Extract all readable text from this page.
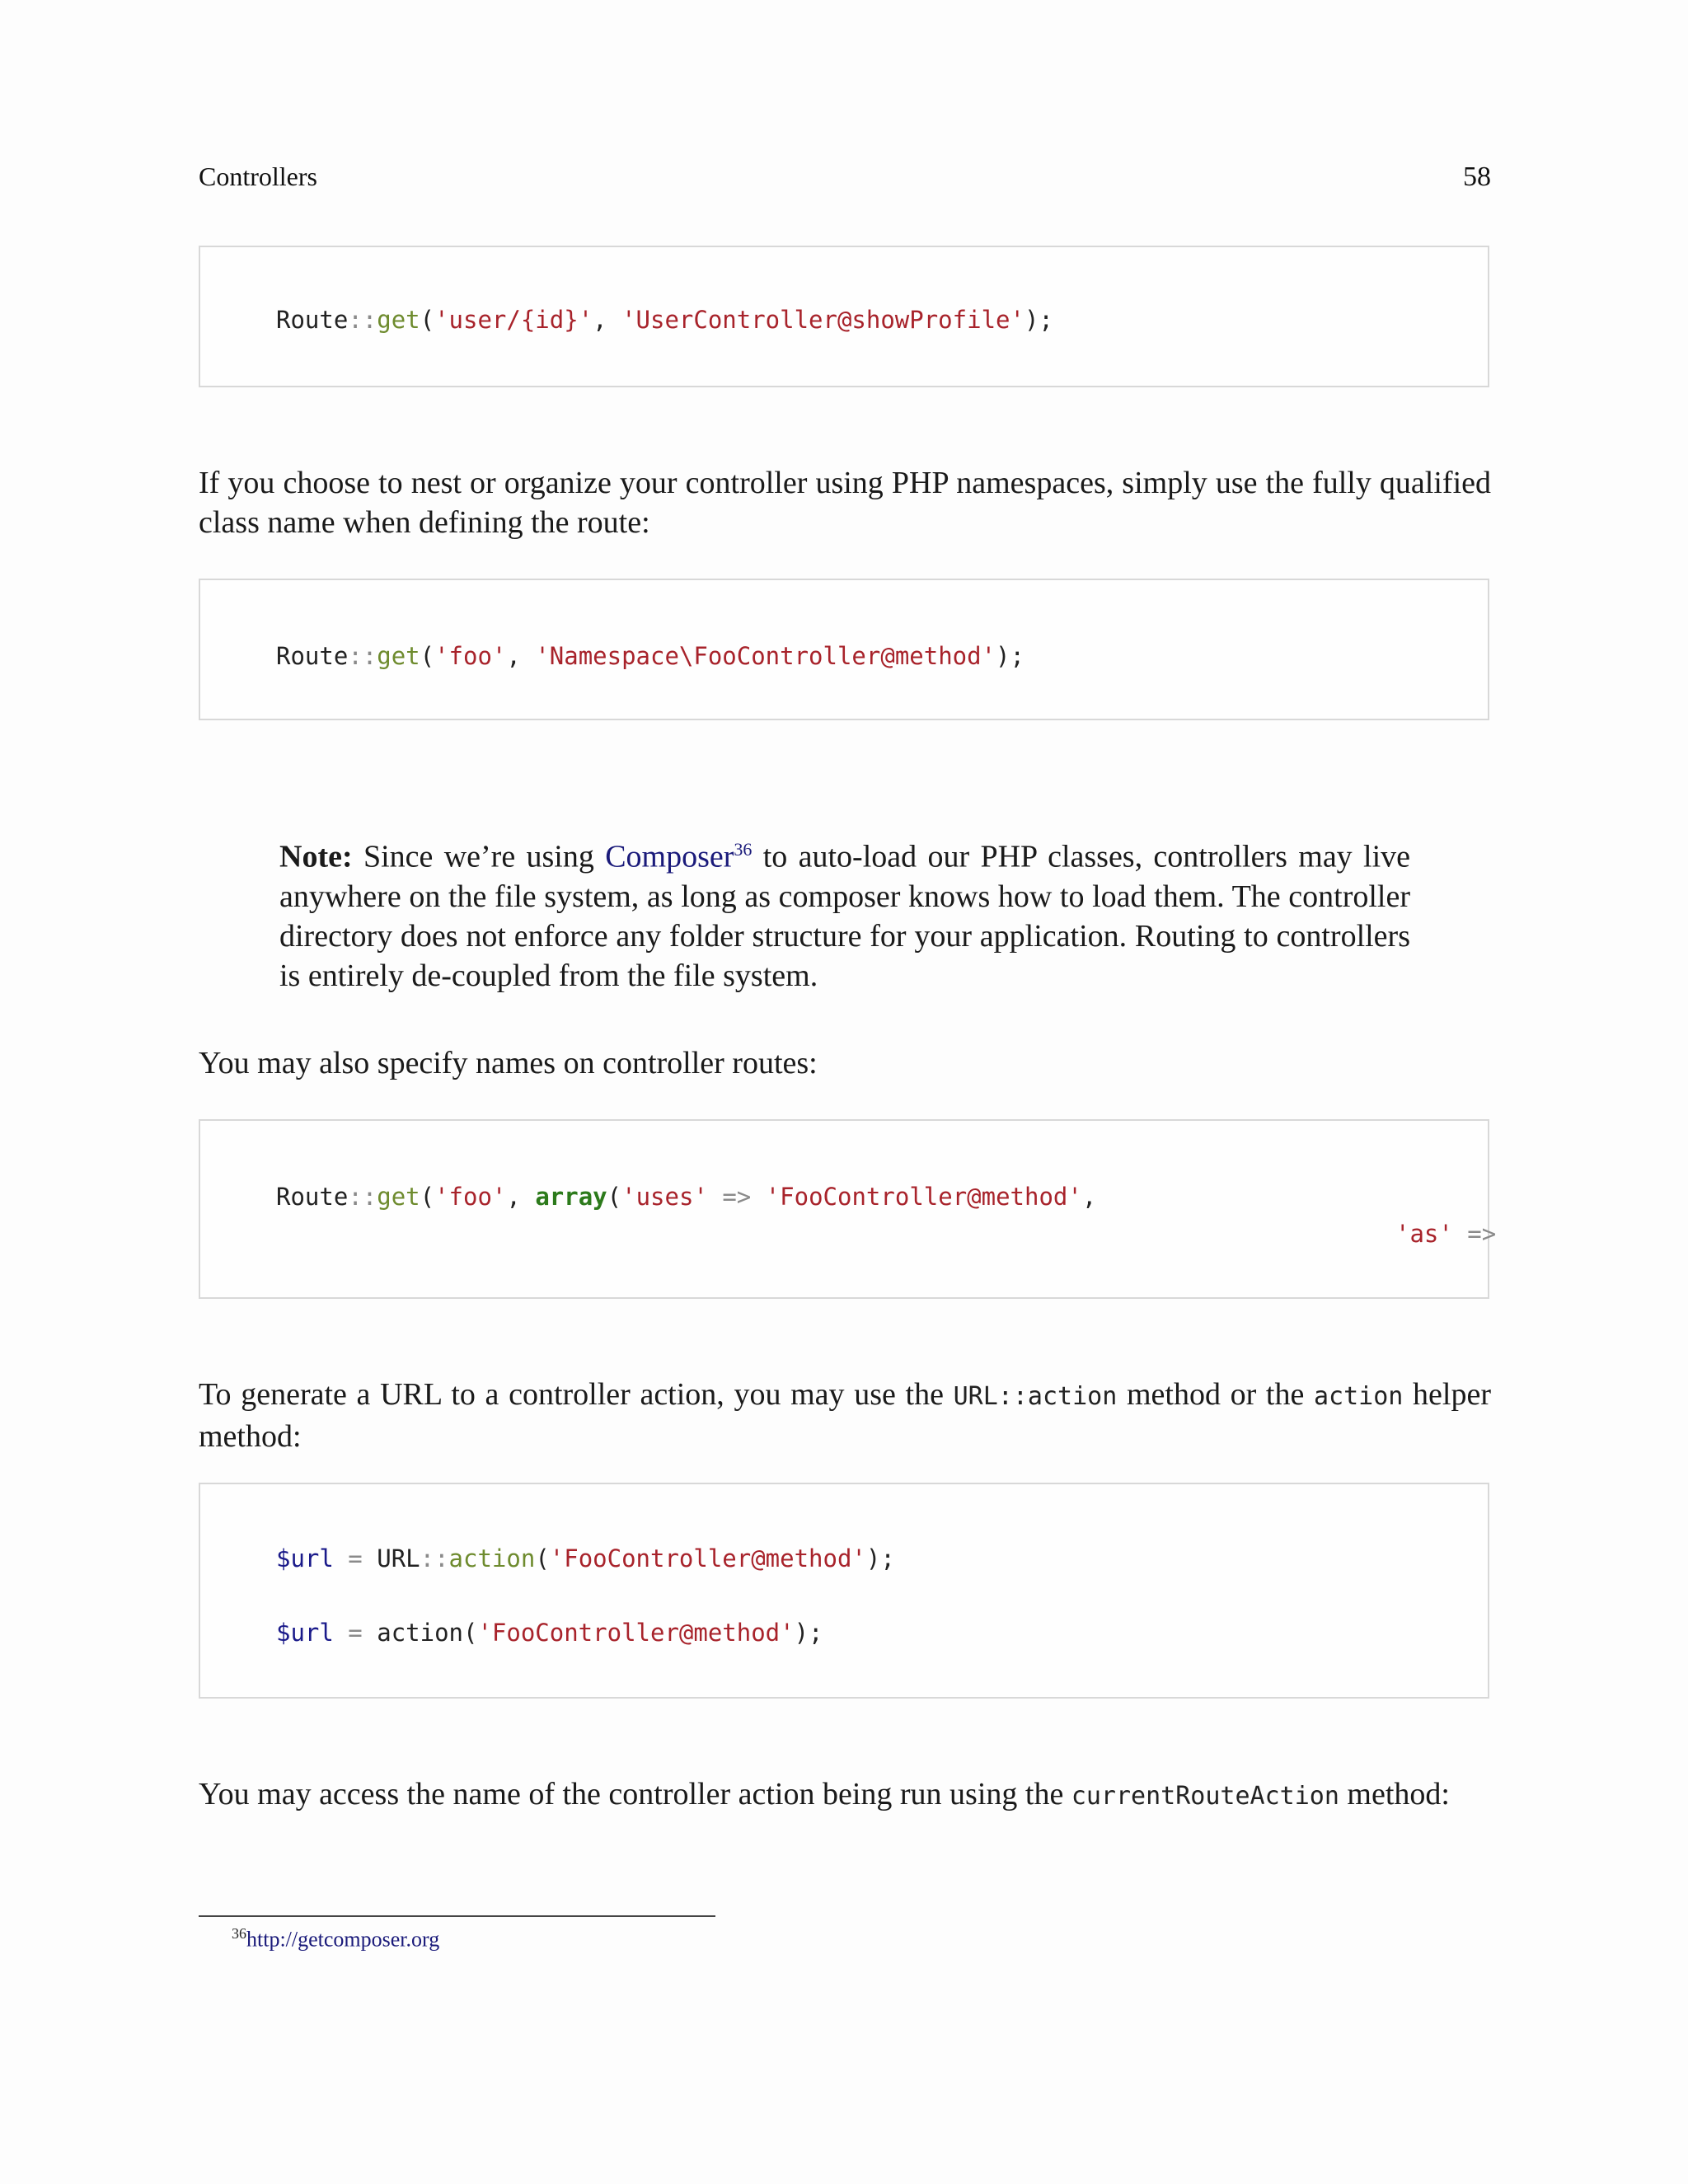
Controllers	58
Route::get('user/{id}', 'UserController@showProfile');
If you choose to nest or organize your controller using PHP namespaces, simply use the fully qualified class name when defining the route:
Route::get('foo', 'Namespace\FooController@method');
Note: Since we’re using Composer$^{36}$ to auto-load our PHP classes, controllers may live anywhere on the file system, as long as composer knows how to load them. The controller directory does not enforce any folder structure for your application. Routing to controllers is entirely de-coupled from the file system.
You may also specify names on controller routes:
Route::get('foo', array('uses' => 'FooController@method',
'as' =>
To generate a URL to a controller action, you may use the URL::action method or the action helper method:
$url = URL::action('FooController@method');
$url = action('FooController@method');
You may access the name of the controller action being run using the currentRouteAction method:
$^{36}$http://getcomposer.org
